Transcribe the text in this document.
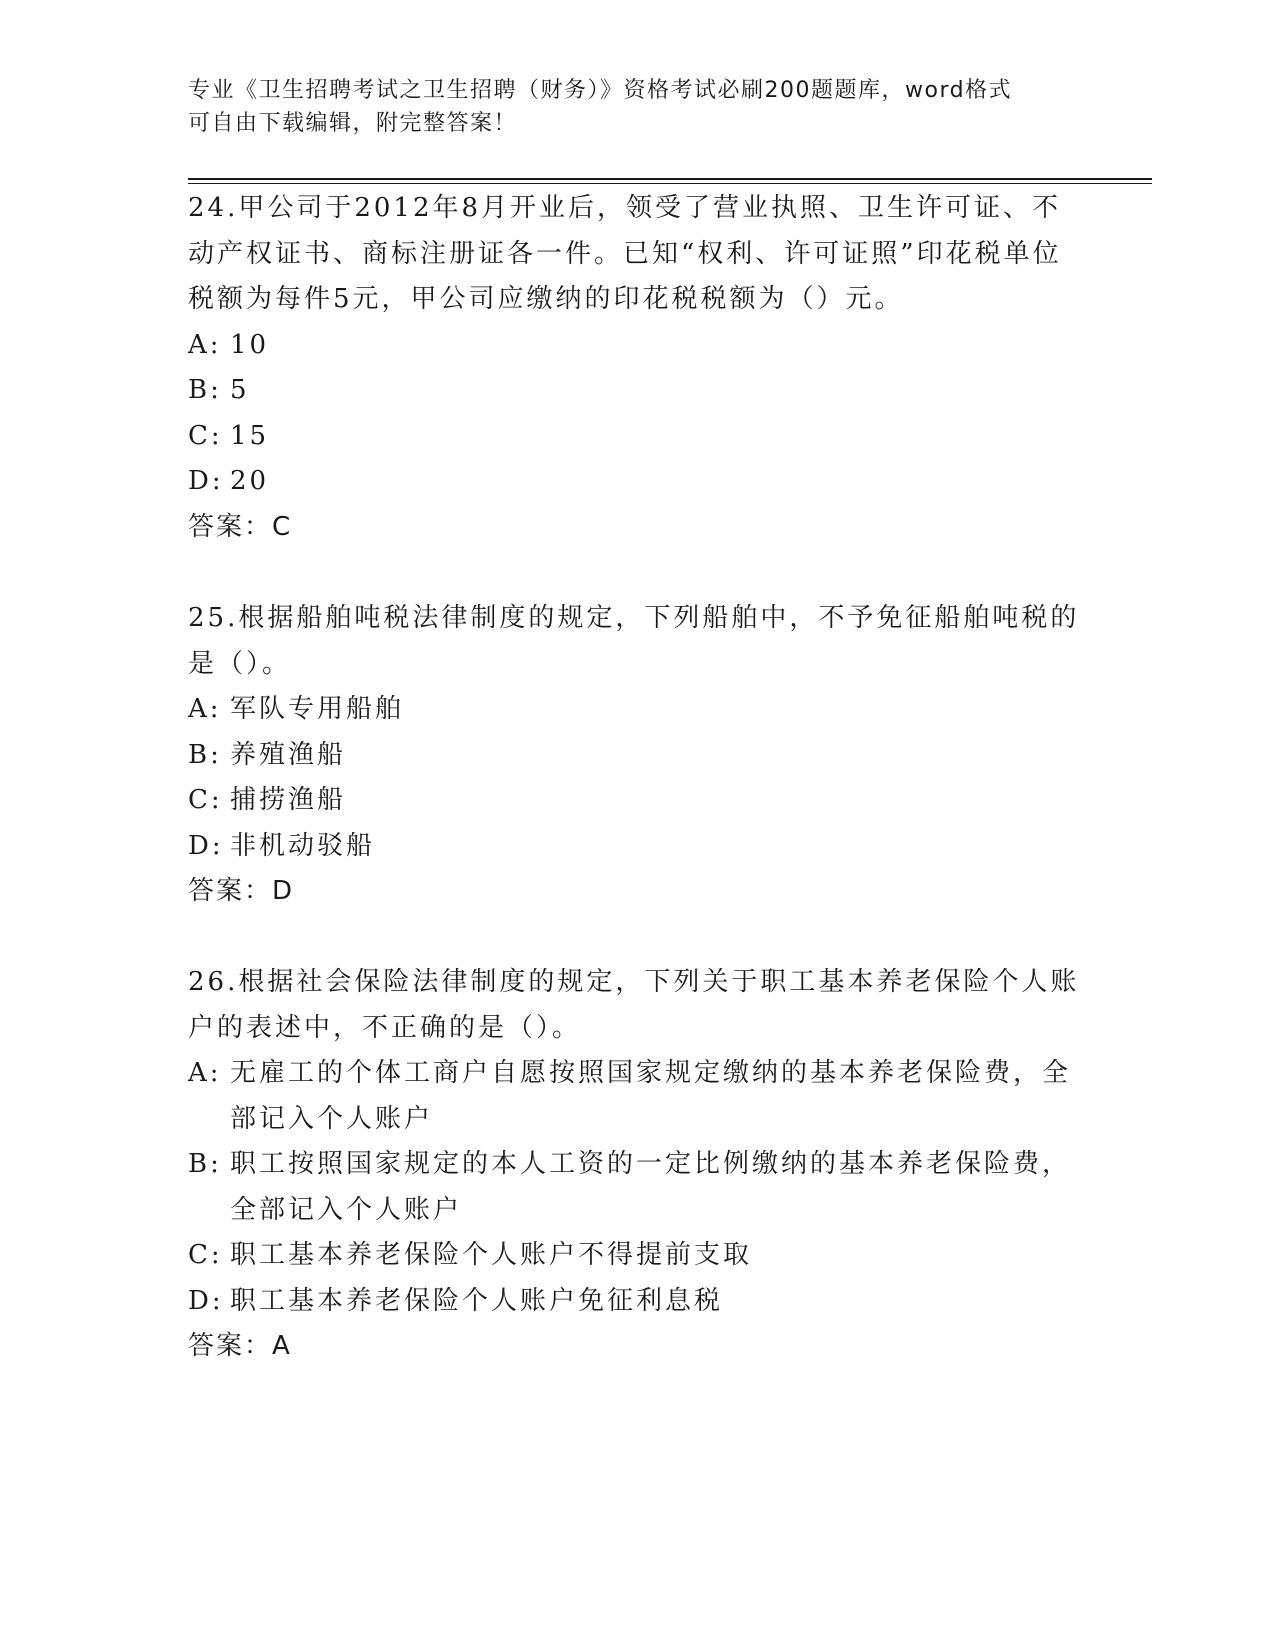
专业《卫生招聘考试之卫生招聘（财务）》资格考试必刷200题题库，word格式
可自由下载编辑，附完整答案！

24.甲公司于2012年8月开业后，领受了营业执照、卫生许可证、不动产权证书、商标注册证各一件。已知“权利、许可证照”印花税单位税额为每件5元，甲公司应缴纳的印花税税额为（）元。

A: 10
B: 5
C: 15
D: 20

答案：C

25.根据船舶吨税法律制度的规定，下列船舶中，不予免征船舶吨税的是（）。

A: 军队专用船舶
B: 养殖渔船
C: 捕捞渔船
D: 非机动驳船

答案：D

26.根据社会保险法律制度的规定，下列关于职工基本养老保险个人账户的表述中，不正确的是（）。

A: 无雇工的个体工商户自愿按照国家规定缴纳的基本养老保险费，全部记入个人账户
B: 职工按照国家规定的本人工资的一定比例缴纳的基本养老保险费，全部记入个人账户
C: 职工基本养老保险个人账户不得提前支取
D: 职工基本养老保险个人账户免征利息税

答案：A
